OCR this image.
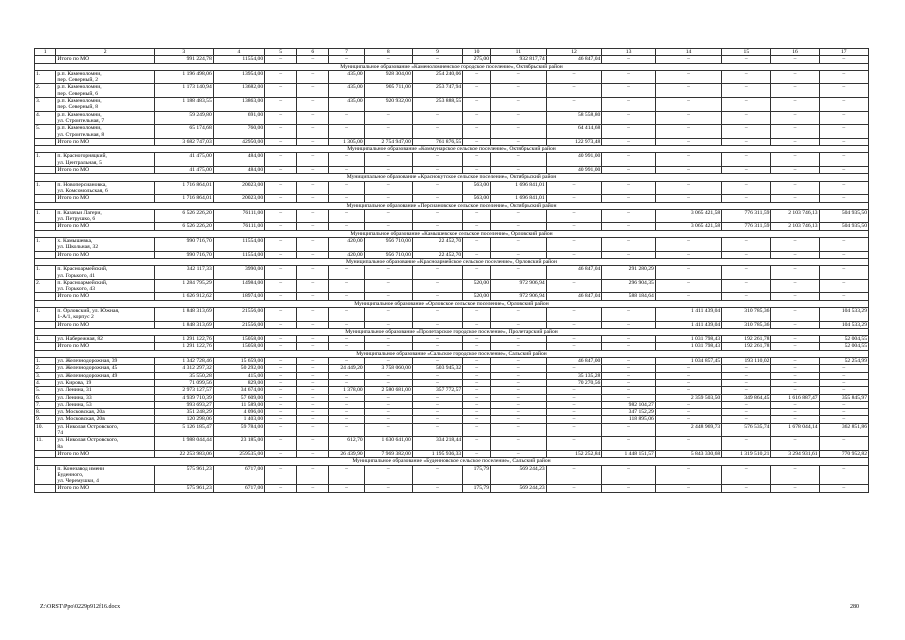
1	2	3	4	5	6	7	8	9	10	11	12	13	14	15	16	17
	Итого по МО	991 224,78	11554,00	–	–	–	–	–	275,00	932 817,74	46 847,04	–	–	–	–	–
Муниципальное образование «Каменоломненское городское поселение», Октябрьский район																
1.	р.п. Каменоломни,
пер. Северный, 2	1 196 498,06	13954,00	–	–	435,00	928 304,00	254 240,06	–	–	–	–	–	–	–	–
2.	р.п. Каменоломни,
пер. Северный, 6	1 173 140,94	13682,00	–	–	435,00	905 711,00	253 747,94	–	–	–	–	–	–	–	–
3.	р.п. Каменоломни,
пер. Северный, 8	1 188 483,55	13863,00	–	–	435,00	920 932,00	253 888,55	–	–	–	–	–	–	–	–
4.	р.п. Каменоломни,
ул. Строительная, 7	59 249,80	691,00	–	–	–	–	–	–	–	58 558,80	–	–	–	–	–
5.	р.п. Каменоломни,
ул. Строительная, 8	65 174,68	760,00	–	–	–	–	–	–	–	64 414,68	–	–	–	–	–
	Итого по МО	3 682 747,03	42950,00	–	–	1 305,00	2 754 947,00	761 876,55	–	–	122 973,48	–	–	–	–	–
Муниципальное образование «Коммунарское сельское поселение», Октябрьский район																
1.	п. Красногорняцкий,
ул. Центральная, 5	41 475,00	484,00	–	–	–	–	–	–	–	40 991,00	–	–	–	–	–
	Итого по МО	41 475,00	484,00	–	–	–	–	–	–	–	40 991,00	–	–	–	–	–
Муниципальное образование «Краснокутское сельское поселение», Октябрьский район																
1.	п. Новоперсиановка,
ул. Комсомольская, 6	1 716 864,01	20023,00	–	–	–	–	–	563,00	1 696 841,01	–	–	–	–	–	–
	Итого по МО	1 716 864,01	20023,00	–	–	–	–	–	563,00	1 696 841,01	–	–	–	–	–	–
Муниципальное образование «Персиановское сельское поселение», Октябрьский район																
1.	п. Казачьи Лагери,
ул. Петрушко, 6	6 526 226,20	76111,00	–	–	–	–	–	–	–	–	–	3 065 421,58	776 311,59	2 103 746,13	504 935,50
	Итого по МО	6 526 226,20	76111,00	–	–	–	–	–	–	–	–	–	3 065 421,58	776 311,59	2 103 746,13	504 935,50
Муниципальное образование «Камышевское сельское поселение», Орловский район																
1.	х. Камышевка,
ул. Школьная, 32	990 716,70	11554,00	–	–	420,00	956 710,00	22 452,70	–	–	–	–	–	–	–	–
	Итого по МО	990 716,70	11554,00	–	–	420,00	956 710,00	22 452,70	–	–	–	–	–	–	–	–
Муниципальное образование «Красноармейское сельское поселение», Орловский район																
1.	п. Красноармейский,
ул. Горького, 41	342 117,33	3990,00	–	–	–	–	–	–	–	46 847,04	291 280,29	–	–	–	–
2.	п. Красноармейский,
ул. Горького, 43	1 284 795,29	14984,00	–	–	–	–	–	520,00	972 906,94	–	296 904,35	–	–	–	–
	Итого по МО	1 626 912,62	18974,00	–	–	–	–	–	520,00	972 906,94	46 847,04	588 184,64	–	–	–	–
Муниципальное образование «Орловское сельское поселение», Орловский район																
1.	п. Орловский, ул. Южная,
1-А/1, корпус 2	1 848 313,69	21556,00	–	–	–	–	–	–	–	–	–	1 411 439,04	310 785,36	–	104 533,29
	Итого по МО	1 848 313,69	21556,00	–	–	–	–	–	–	–	–	–	1 411 439,04	310 785,36	–	104 533,29
Муниципальное образование «Пролетарское городское поселение», Пролетарский район																
1.	ул. Набережная, 82	1 291 122,76	15058,00	–	–	–	–	–	–	–	–	–	1 031 798,43	192 261,78	–	52 004,55
	Итого по МО	1 291 122,76	15058,00	–	–	–	–	–	–	–	–	–	1 031 798,43	192 261,78	–	52 004,55
Муниципальное образование «Сальское городское поселение», Сальский район																
1.	ул. Железнодорожная, 39	1 342 728,46	15 659,00	–	–	–	–	–	–	–	46 847,00	–	1 034 857,45	193 110,02	–	52 254,99
2.	ул. Железнодорожная, 45	4 312 297,32	50 292,00	–	–	24 449,20	3 758 060,00	503 945,32	–	–	–	–	–	–	–	–
3.	ул. Железнодорожная, 49	35 550,28	415,00	–	–	–	–	–	–	–	35 135,28	–	–	–	–	–
4.	ул. Кирова, 19	71 099,56	829,00	–	–	–	–	–	–	–	70 270,56	–	–	–	–	–
5.	ул. Ленина, 31	2 973 127,57	34 674,00	–	–	1 378,00	2 580 681,00	357 772,57	–	–	–	–	–	–	–	–
6.	ул. Ленина, 33	4 939 710,39	57 609,00	–	–	–	–	–	–	–	–	–	2 359 503,50	349 864,45	1 616 887,47	355 845,97
7.	ул. Ленина, 53	993 693,27	11 589,00	–	–	–	–	–	–	–	–	982 104,27	–	–	–	–
8.	ул. Московская, 20а	351 248,29	4 096,00	–	–	–	–	–	–	–	–	347 152,29	–	–	–	–
9.	ул. Московская, 20в	120 298,06	1 403,00	–	–	–	–	–	–	–	–	118 895,06	–	–	–	–
10.	ул. Николая Островского,
74	5 126 185,47	59 784,00	–	–	–	–	–	–	–	–	–	2 448 969,73	576 535,74	1 678 044,14	362 851,86
11.	ул. Николая Островского,
8а	1 988 044,44	23 185,00	–	–	612,70	1 630 641,00	334 218,44	–	–	–	–	–	–	–	–
	Итого по МО	22 253 983,06	259535,00	–	–	26 439,90	7 969 382,00	1 195 936,33	–	–	152 252,84	1 448 151,57	5 843 330,68	1 319 510,21	3 294 931,61	770 952,82
Муниципальное образование «Буденновское сельское поселение», Сальский район																
1.	п. Конезавод имени
Буденного,
ул. Черемушки, 4	575 961,23	6717,00	–	–	–	–	–	175,79	569 244,23	–	–	–	–	–	–
	Итого по МО	575 961,23	6717,00	–	–	–	–	–	175,79	569 244,23	–	–	–	–	–	–
Z:\ORST\Ppo\0229p912f16.docx	280
